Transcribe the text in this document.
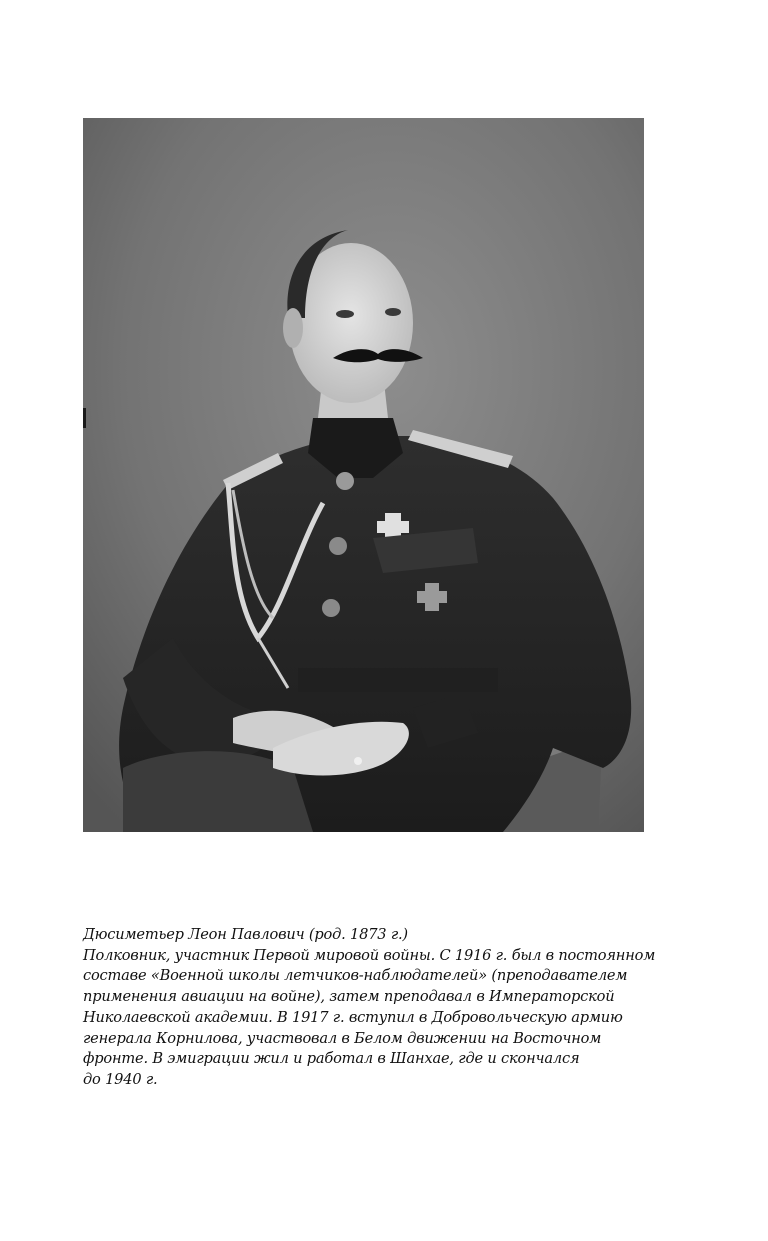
Дюсиметьер Леон Павлович (род. 1873 г.)
Полковник, участник Первой мировой войны. С 1916 г. был в постоянном
составе «Военной школы летчиков-наблюдателей» (преподавателем
применения авиации на войне), затем преподавал в Императорской
Николаевской академии. В 1917 г. вступил в Добровольческую армию
генерала Корнилова, участвовал в Белом движении на Восточном
фронте. В эмиграции жил и работал в Шанхае, где и скончался
до 1940 г.
